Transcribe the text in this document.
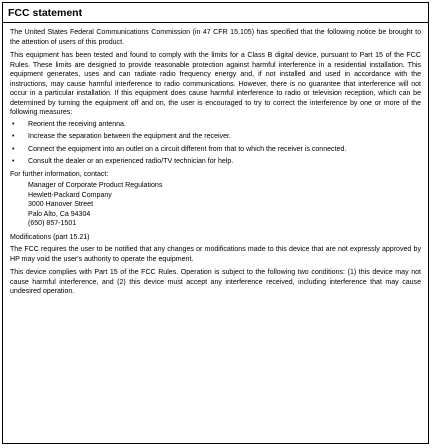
FCC statement

The United States Federal Communications Commission (in 47 CFR 15.105) has specified that the following notice be brought to the attention of users of this product.

This equipment has been tested and found to comply with the limits for a Class B digital device, pursuant to Part 15 of the FCC Rules. These limits are designed to provide reasonable protection against harmful interference in a residential installation. This equipment generates, uses and can radiate radio frequency energy and, if not installed and used in accordance with the instructions, may cause harmful interference to radio communications. However, there is no guarantee that interference will not occur in a particular installation. If this equipment does cause harmful interference to radio or television reception, which can be determined by turning the equipment off and on, the user is encouraged to try to correct the interference by one or more of the following measures:

• Reorient the receiving antenna.
• Increase the separation between the equipment and the receiver.
• Connect the equipment into an outlet on a circuit different from that to which the receiver is connected.
• Consult the dealer or an experienced radio/TV technician for help.

For further information, contact:

Manager of Corporate Product Regulations
Hewlett-Packard Company
3000 Hanover Street
Palo Alto, Ca 94304
(650) 857-1501

Modifications (part 15.21)

The FCC requires the user to be notified that any changes or modifications made to this device that are not expressly approved by HP may void the user's authority to operate the equipment.

This device complies with Part 15 of the FCC Rules. Operation is subject to the following two conditions: (1) this device may not cause harmful interference, and (2) this device must accept any interference received, including interference that may cause undesired operation.
